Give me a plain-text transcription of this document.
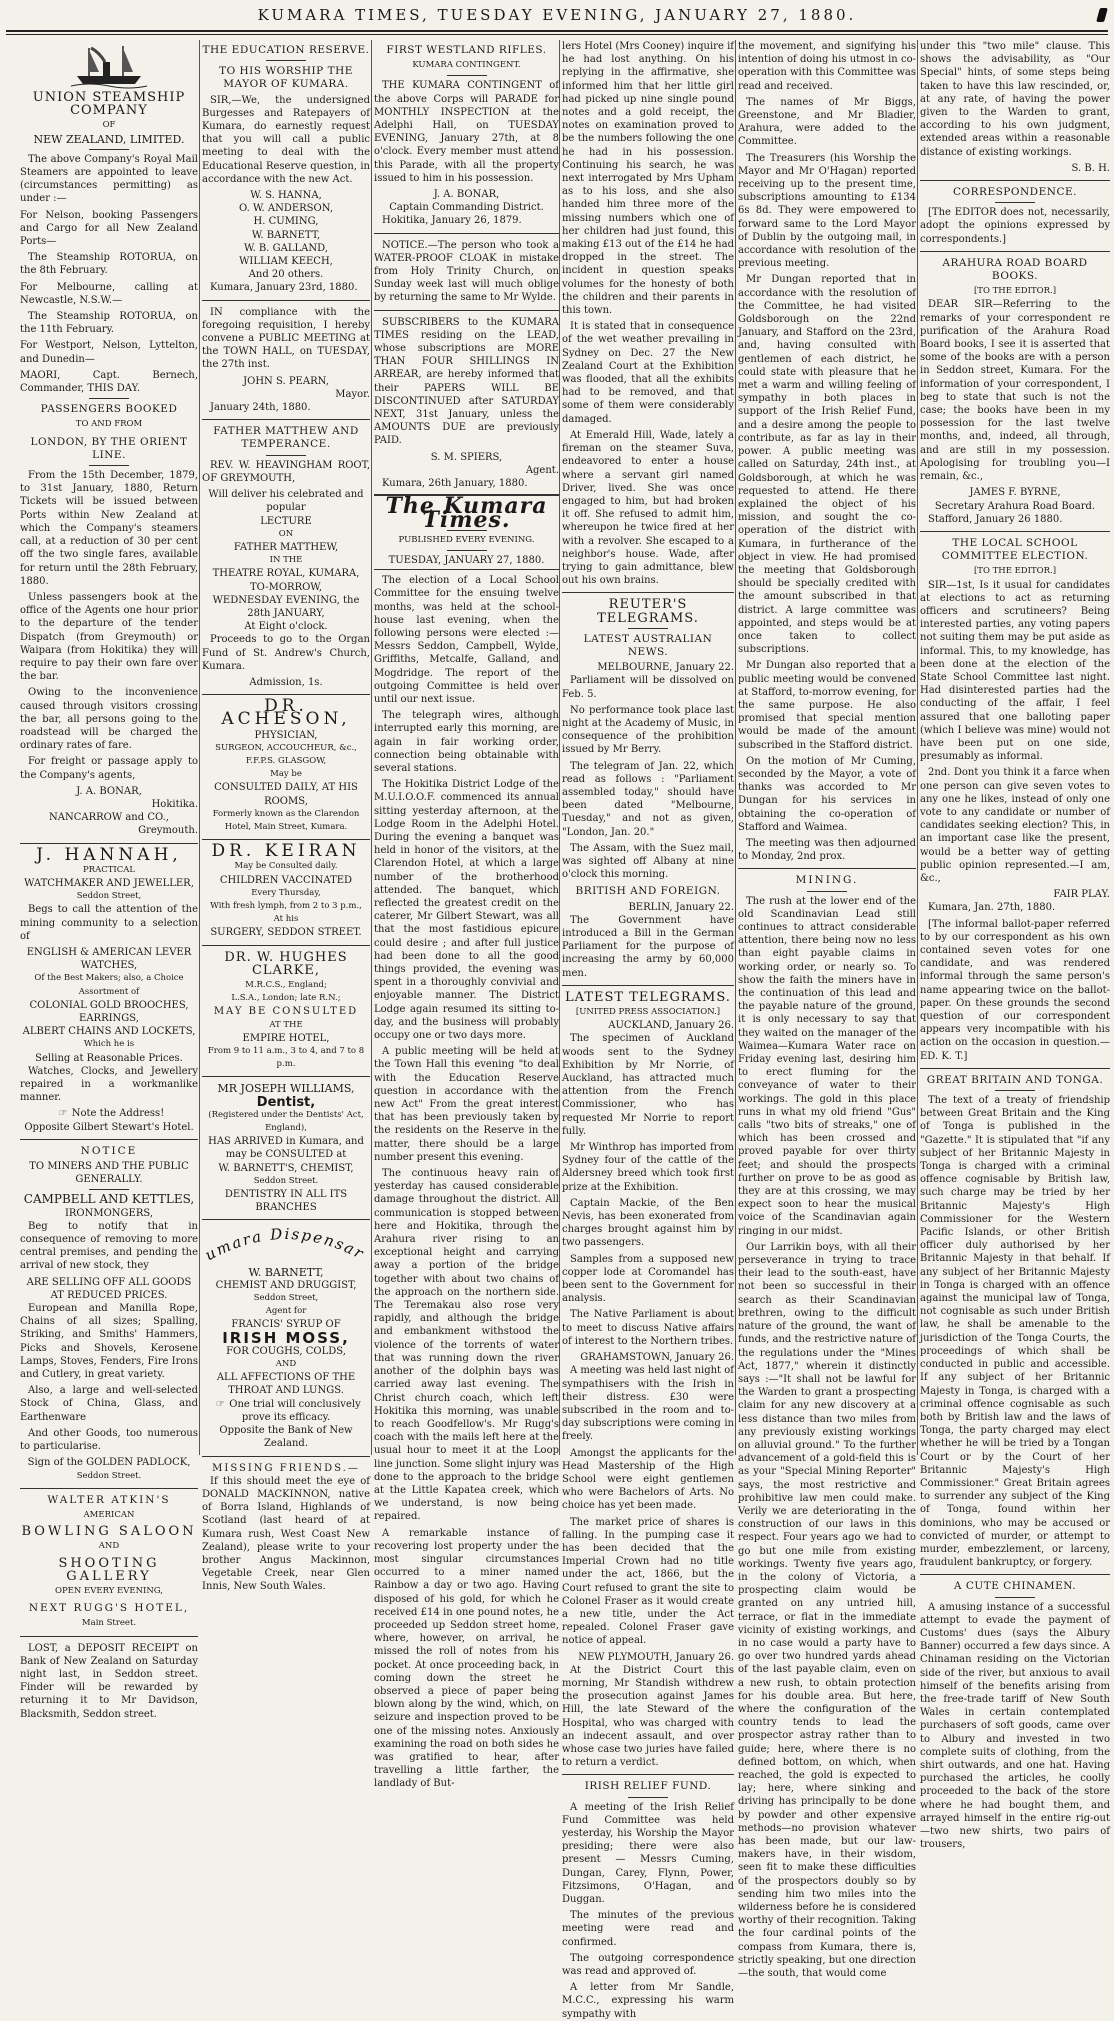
KUMARA TIMES, TUESDAY EVENING, JANUARY 27, 1880.
UNION STEAMSHIP COMPANY
OF
NEW ZEALAND, LIMITED.

The above Company's Royal Mail Steamers are appointed to leave (circumstances permitting) as under :—

For Nelson, booking Passengers and Cargo for all New Zealand Ports—

The Steamship ROTORUA, on the 8th February.

For Melbourne, calling at Newcastle, N.S.W.—

The Steamship ROTORUA, on the 11th February.

For Westport, Nelson, Lyttelton, and Dunedin—

MAORI, Capt. Bernech, Commander, THIS DAY.

PASSENGERS BOOKED
TO AND FROM
LONDON, BY THE ORIENT LINE.

From the 15th December, 1879, to 31st January, 1880, Return Tickets will be issued between Ports within New Zealand at which the Company's steamers call, at a reduction of 30 per cent off the two single fares, available for return until the 28th February, 1880.

Unless passengers book at the office of the Agents one hour prior to the departure of the tender Dispatch (from Greymouth) or Waipara (from Hokitika) they will require to pay their own fare over the bar.

Owing to the inconvenience caused through visitors crossing the bar, all persons going to the roadstead will be charged the ordinary rates of fare.

For freight or passage apply to the Company's agents,

J. A. BONAR,
Hokitika.
NANCARROW and CO.,
Greymouth.
J. HANNAH,
PRACTICAL
WATCHMAKER AND JEWELLER,
Seddon Street,

Begs to call the attention of the mining community to a selection of

ENGLISH & AMERICAN LEVER WATCHES,
Of the Best Makers; also, a Choice Assortment of
COLONIAL GOLD BROOCHES,
EARRINGS,
ALBERT CHAINS AND LOCKETS,
Which he is
Selling at Reasonable Prices.

Watches, Clocks, and Jewellery repaired in a workmanlike manner.

☞ Note the Address!
Opposite Gilbert Stewart's Hotel.
NOTICE
TO MINERS AND THE PUBLIC GENERALLY.
CAMPBELL AND KETTLES,
IRONMONGERS,

Beg to notify that in consequence of removing to more central premises, and pending the arrival of new stock, they

ARE SELLING OFF ALL GOODS
AT REDUCED PRICES.

European and Manilla Rope, Chains of all sizes; Spalling, Striking, and Smiths' Hammers, Picks and Shovels, Kerosene Lamps, Stoves, Fenders, Fire Irons and Cutlery, in great variety.

Also, a large and well-selected Stock of China, Glass, and Earthenware

And other Goods, too numerous to particularise.

Sign of the GOLDEN PADLOCK,
Seddon Street.
WALTER ATKIN'S
AMERICAN
BOWLING SALOON
AND
SHOOTING GALLERY
OPEN EVERY EVENING,
NEXT RUGG'S HOTEL,
Main Street.

LOST, a DEPOSIT RECEIPT on Bank of New Zealand on Saturday night last, in Seddon street. Finder will be rewarded by returning it to Mr Davidson, Blacksmith, Seddon street.

THE EDUCATION RESERVE.
TO HIS WORSHIP THE MAYOR OF KUMARA.

SIR,—We, the undersigned Burgesses and Ratepayers of Kumara, do earnestly request that you will call a public meeting to deal with the Educational Reserve question, in accordance with the new Act.

W. S. HANNA,
O. W. ANDERSON,
H. CUMING,
W. BARNETT,
W. B. GALLAND,
WILLIAM KEECH,
And 20 others.

Kumara, January 23rd, 1880.

IN compliance with the foregoing requisition, I hereby convene a PUBLIC MEETING at the TOWN HALL, on TUESDAY, the 27th inst.

JOHN S. PEARN,
Mayor.

January 24th, 1880.

FATHER MATTHEW AND TEMPERANCE.

REV. W. HEAVINGHAM ROOT, OF GREYMOUTH,

Will deliver his celebrated and popular
LECTURE
ON
FATHER MATTHEW,
IN THE
THEATRE ROYAL, KUMARA,
TO-MORROW,
WEDNESDAY EVENING, the 28th JANUARY,
At Eight o'clock.

Proceeds to go to the Organ Fund of St. Andrew's Church, Kumara.

Admission, 1s.
DR. ACHESON,
PHYSICIAN,
SURGEON, ACCOUCHEUR, &c.,
F.F.P.S. GLASGOW,
May be
CONSULTED DAILY, AT HIS ROOMS,
Formerly known as the Clarendon Hotel, Main Street, Kumara.
DR. KEIRAN
May be Consulted daily.
CHILDREN VACCINATED
Every Thursday,
With fresh lymph, from 2 to 3 p.m.,
At his
SURGERY, SEDDON STREET.
DR. W. HUGHES CLARKE,
M.R.C.S., England;
L.S.A., London; late R.N.;
MAY BE CONSULTED
AT THE
EMPIRE HOTEL,
From 9 to 11 a.m., 3 to 4, and 7 to 8 p.m.
MR JOSEPH WILLIAMS,
Dentist,
(Registered under the Dentists' Act, England),
HAS ARRIVED in Kumara, and may be CONSULTED at
W. BARNETT'S, CHEMIST,
Seddon Street.
DENTISTRY IN ALL ITS BRANCHES
umara Dispensar
W. BARNETT,
CHEMIST AND DRUGGIST,
Seddon Street,
Agent for
FRANCIS' SYRUP OF
IRISH MOSS,
FOR COUGHS, COLDS,
AND
ALL AFFECTIONS OF THE THROAT AND LUNGS.
☞ One trial will conclusively prove its efficacy.
Opposite the Bank of New Zealand.
MISSING FRIENDS.—

If this should meet the eye of DONALD MACKINNON, native of Borra Island, Highlands of Scotland (last heard of at Kumara rush, West Coast New Zealand), please write to your brother Angus Mackinnon, Vegetable Creek, near Glen Innis, New South Wales.

FIRST WESTLAND RIFLES.
KUMARA CONTINGENT.

THE KUMARA CONTINGENT of the above Corps will PARADE for MONTHLY INSPECTION at the Adelphi Hall, on TUESDAY EVENING, January 27th, at 8 o'clock. Every member must attend this Parade, with all the property issued to him in his possession.

J. A. BONAR,
Captain Commanding District.

Hokitika, January 26, 1879.

NOTICE.—The person who took a WATER-PROOF CLOAK in mistake from Holy Trinity Church, on Sunday week last will much oblige by returning the same to Mr Wylde.

SUBSCRIBERS to the KUMARA TIMES residing on the LEAD, whose subscriptions are MORE THAN FOUR SHILLINGS IN ARREAR, are hereby informed that their PAPERS WILL BE DISCONTINUED after SATURDAY NEXT, 31st January, unless the AMOUNTS DUE are previously PAID.

S. M. SPIERS,
Agent.

Kumara, 26th January, 1880.

The Kumara Times.
PUBLISHED EVERY EVENING.
TUESDAY, JANUARY 27, 1880.

The election of a Local School Committee for the ensuing twelve months, was held at the school-house last evening, when the following persons were elected :—Messrs Seddon, Campbell, Wylde, Griffiths, Metcalfe, Galland, and Mogdridge. The report of the outgoing Committee is held over until our next issue.

The telegraph wires, although interrupted early this morning, are again in fair working order, connection being obtainable with several stations.

The Hokitika District Lodge of the M.U.I.O.O.F. commenced its annual sitting yesterday afternoon, at the Lodge Room in the Adelphi Hotel. During the evening a banquet was held in honor of the visitors, at the Clarendon Hotel, at which a large number of the brotherhood attended. The banquet, which reflected the greatest credit on the caterer, Mr Gilbert Stewart, was all that the most fastidious epicure could desire ; and after full justice had been done to all the good things provided, the evening was spent in a thoroughly convivial and enjoyable manner. The District Lodge again resumed its sitting to-day, and the business will probably occupy one or two days more.

A public meeting will be held at the Town Hall this evening "to deal with the Education Reserve question in accordance with the new Act" From the great interest that has been previously taken by the residents on the Reserve in the matter, there should be a large number present this evening.

The continuous heavy rain of yesterday has caused considerable damage throughout the district. All communication is stopped between here and Hokitika, through the Arahura river rising to an exceptional height and carrying away a portion of the bridge together with about two chains of the approach on the northern side. The Teremakau also rose very rapidly, and although the bridge and embankment withstood the violence of the torrents of water that was running down the river another of the dolphin bays was carried away last evening. The Christ church coach, which left Hokitika this morning, was unable to reach Goodfellow's. Mr Rugg's coach with the mails left here at the usual hour to meet it at the Loop line junction. Some slight injury was done to the approach to the bridge at the Little Kapatea creek, which we understand, is now being repaired.

A remarkable instance of recovering lost property under the most singular circumstances occurred to a miner named Rainbow a day or two ago. Having disposed of his gold, for which he received £14 in one pound notes, he proceeded up Seddon street home, where, however, on arrival, he missed the roll of notes from his pocket. At once proceeding back, in coming down the street he observed a piece of paper being blown along by the wind, which, on seizure and inspection proved to be one of the missing notes. Anxiously examining the road on both sides he was gratified to hear, after travelling a little farther, the landlady of But-

lers Hotel (Mrs Cooney) inquire if he had lost anything. On his replying in the affirmative, she informed him that her little girl had picked up nine single pound notes and a gold receipt, the notes on examination proved to be the numbers following the one he had in his possession. Continuing his search, he was next interrogated by Mrs Upham as to his loss, and she also handed him three more of the missing numbers which one of her children had just found, this making £13 out of the £14 he had dropped in the street. The incident in question speaks volumes for the honesty of both the children and their parents in this town.

It is stated that in consequence of the wet weather prevailing in Sydney on Dec. 27 the New Zealand Court at the Exhibition was flooded, that all the exhibits had to be removed, and that some of them were considerably damaged.

At Emerald Hill, Wade, lately a fireman on the steamer Suva, endeavored to enter a house where a servant girl named Driver, lived. She was once engaged to him, but had broken it off. She refused to admit him, whereupon he twice fired at her with a revolver. She escaped to a neighbor's house. Wade, after trying to gain admittance, blew out his own brains.

REUTER'S TELEGRAMS.
LATEST AUSTRALIAN NEWS.
MELBOURNE, January 22.

Parliament will be dissolved on Feb. 5.

No performance took place last night at the Academy of Music, in consequence of the prohibition issued by Mr Berry.

The telegram of Jan. 22, which read as follows : "Parliament assembled today," should have been dated "Melbourne, Tuesday," and not as given, "London, Jan. 20."

The Assam, with the Suez mail, was sighted off Albany at nine o'clock this morning.

BRITISH AND FOREIGN.
BERLIN, January 22.

The Government have introduced a Bill in the German Parliament for the purpose of increasing the army by 60,000 men.

LATEST TELEGRAMS.
[UNITED PRESS ASSOCIATION.]
AUCKLAND, January 26.

The specimen of Auckland woods sent to the Sydney Exhibition by Mr Norrie, of Auckland, has attracted much attention from the French Commissioner, who has requested Mr Norrie to report fully.

Mr Winthrop has imported from Sydney four of the cattle of the Aldersney breed which took first prize at the Exhibition.

Captain Mackie, of the Ben Nevis, has been exonerated from charges brought against him by two passengers.

Samples from a supposed new copper lode at Coromandel has been sent to the Government for analysis.

The Native Parliament is about to meet to discuss Native affairs of interest to the Northern tribes.

GRAHAMSTOWN, January 26.

A meeting was held last night of sympathisers with the Irish in their distress. £30 were subscribed in the room and to-day subscriptions were coming in freely.

Amongst the applicants for the Head Mastership of the High School were eight gentlemen who were Bachelors of Arts. No choice has yet been made.

The market price of shares is falling. In the pumping case it has been decided that the Imperial Crown had no title under the act, 1866, but the Court refused to grant the site to Colonel Fraser as it would create a new title, under the Act repealed. Colonel Fraser gave notice of appeal.

NEW PLYMOUTH, January 26.

At the District Court this morning, Mr Standish withdrew the prosecution against James Hill, the late Steward of the Hospital, who was charged with an indecent assault, and over whose case two juries have failed to return a verdict.

IRISH RELIEF FUND.

A meeting of the Irish Relief Fund Committee was held yesterday, his Worship the Mayor presiding; there were also present — Messrs Cuming, Dungan, Carey, Flynn, Power, Fitzsimons, O'Hagan, and Duggan.

The minutes of the previous meeting were read and confirmed.

The outgoing correspondence was read and approved of.

A letter from Mr Sandle, M.C.C., expressing his warm sympathy with

the movement, and signifying his intention of doing his utmost in co-operation with this Committee was read and received.

The names of Mr Biggs, Greenstone, and Mr Bladier, Arahura, were added to the Committee.

The Treasurers (his Worship the Mayor and Mr O'Hagan) reported receiving up to the present time, subscriptions amounting to £134 6s 8d. They were empowered to forward same to the Lord Mayor of Dublin by the outgoing mail, in accordance with resolution of the previous meeting.

Mr Dungan reported that in accordance with the resolution of the Committee, he had visited Goldsborough on the 22nd January, and Stafford on the 23rd, and, having consulted with gentlemen of each district, he could state with pleasure that he met a warm and willing feeling of sympathy in both places in support of the Irish Relief Fund, and a desire among the people to contribute, as far as lay in their power. A public meeting was called on Saturday, 24th inst., at Goldsborough, at which he was requested to attend. He there explained the object of his mission, and sought the co-operation of the district with Kumara, in furtherance of the object in view. He had promised the meeting that Goldsborough should be specially credited with the amount subscribed in that district. A large committee was appointed, and steps would be at once taken to collect subscriptions.

Mr Dungan also reported that a public meeting would be convened at Stafford, to-morrow evening, for the same purpose. He also promised that special mention would be made of the amount subscribed in the Stafford district.

On the motion of Mr Cuming, seconded by the Mayor, a vote of thanks was accorded to Mr Dungan for his services in obtaining the co-operation of Stafford and Waimea.

The meeting was then adjourned to Monday, 2nd prox.

MINING.

The rush at the lower end of the old Scandinavian Lead still continues to attract considerable attention, there being now no less than eight payable claims in working order, or nearly so. To show the faith the miners have in the continuation of this lead and the payable nature of the ground, it is only necessary to say that they waited on the manager of the Waimea—Kumara Water race on Friday evening last, desiring him to erect fluming for the conveyance of water to their workings. The gold in this place runs in what my old friend "Gus" calls "two bits of streaks," one of which has been crossed and proved payable for over thirty feet; and should the prospects further on prove to be as good as they are at this crossing, we may expect soon to hear the musical voice of the Scandinavian again ringing in our midst.

Our Larrikin boys, with all their perseverance in trying to trace their lead to the south-east, have not been so successful in their search as their Scandinavian brethren, owing to the difficult nature of the ground, the want of funds, and the restrictive nature of the regulations under the "Mines Act, 1877," wherein it distinctly says :—"It shall not be lawful for the Warden to grant a prospecting claim for any new discovery at a less distance than two miles from any previously existing workings on alluvial ground." To the further advancement of a gold-field this is as your "Special Mining Reporter" says, the most restrictive and prohibitive law men could make. Verily we are deteriorating in the construction of our laws in this respect. Four years ago we had to go but one mile from existing workings. Twenty five years ago, in the colony of Victoria, a prospecting claim would be granted on any untried hill, terrace, or flat in the immediate vicinity of existing workings, and in no case would a party have to go over two hundred yards ahead of the last payable claim, even on a new rush, to obtain protection for his double area. But here, where the configuration of the country tends to lead the prospector astray rather than to guide; here, where there is no defined bottom, on which, when reached, the gold is expected to lay; here, where sinking and driving has principally to be done by powder and other expensive methods—no provision whatever has been made, but our law-makers have, in their wisdom, seen fit to make these difficulties of the prospectors doubly so by sending him two miles into the wilderness before he is considered worthy of their recognition. Taking the four cardinal points of the compass from Kumara, there is, strictly speaking, but one direction—the south, that would come

under this "two mile" clause. This shows the advisability, as "Our Special" hints, of some steps being taken to have this law rescinded, or, at any rate, of having the power given to the Warden to grant, according to his own judgment, extended areas within a reasonable distance of existing workings.

S. B. H.
CORRESPONDENCE.

[The EDITOR does not, necessarily, adopt the opinions expressed by correspondents.]

ARAHURA ROAD BOARD BOOKS.
[TO THE EDITOR.]

DEAR SIR—Referring to the remarks of your correspondent re purification of the Arahura Road Board books, I see it is asserted that some of the books are with a person in Seddon street, Kumara. For the information of your correspondent, I beg to state that such is not the case; the books have been in my possession for the last twelve months, and, indeed, all through, and are still in my possession. Apologising for troubling you—I remain, &c.,

JAMES F. BYRNE,
Secretary Arahura Road Board.

Stafford, January 26 1880.

THE LOCAL SCHOOL COMMITTEE ELECTION.
[TO THE EDITOR.]

SIR—1st, Is it usual for candidates at elections to act as returning officers and scrutineers? Being interested parties, any voting papers not suiting them may be put aside as informal. This, to my knowledge, has been done at the election of the State School Committee last night. Had disinterested parties had the conducting of the affair, I feel assured that one balloting paper (which I believe was mine) would not have been put on one side, presumably as informal.

2nd. Dont you think it a farce when one person can give seven votes to any one he likes, instead of only one vote to any candidate or number of candidates seeking election? This, in an important case like the present, would be a better way of getting public opinion represented.—I am, &c.,

FAIR PLAY.

Kumara, Jan. 27th, 1880.

[The informal ballot-paper referred to by our correspondent as his own contained seven votes for one candidate, and was rendered informal through the same person's name appearing twice on the ballot-paper. On these grounds the second question of our correspondent appears very incompatible with his action on the occasion in question.—ED. K. T.]

GREAT BRITAIN AND TONGA.

The text of a treaty of friendship between Great Britain and the King of Tonga is published in the "Gazette." It is stipulated that "if any subject of her Britannic Majesty in Tonga is charged with a criminal offence cognisable by British law, such charge may be tried by her Britannic Majesty's High Commissioner for the Western Pacific Islands, or other British officer duly authorised by her Britannic Majesty in that behalf. If any subject of her Britannic Majesty in Tonga is charged with an offence against the municipal law of Tonga, not cognisable as such under British law, he shall be amenable to the jurisdiction of the Tonga Courts, the proceedings of which shall be conducted in public and accessible. If any subject of her Britannic Majesty in Tonga, is charged with a criminal offence cognisable as such both by British law and the laws of Tonga, the party charged may elect whether he will be tried by a Tongan Court or by the Court of her Britannic Majesty's High Commissioner." Great Britain agrees to surrender any subject of the King of Tonga, found within her dominions, who may be accused or convicted of murder, or attempt to murder, embezzlement, or larceny, fraudulent bankruptcy, or forgery.

A CUTE CHINAMEN.

A amusing instance of a successful attempt to evade the payment of Customs' dues (says the Albury Banner) occurred a few days since. A Chinaman residing on the Victorian side of the river, but anxious to avail himself of the benefits arising from the free-trade tariff of New South Wales in certain contemplated purchasers of soft goods, came over to Albury and invested in two complete suits of clothing, from the shirt outwards, and one hat. Having purchased the articles, he coolly proceeded to the back of the store where he had bought them, and arrayed himself in the entire rig-out—two new shirts, two pairs of trousers,
